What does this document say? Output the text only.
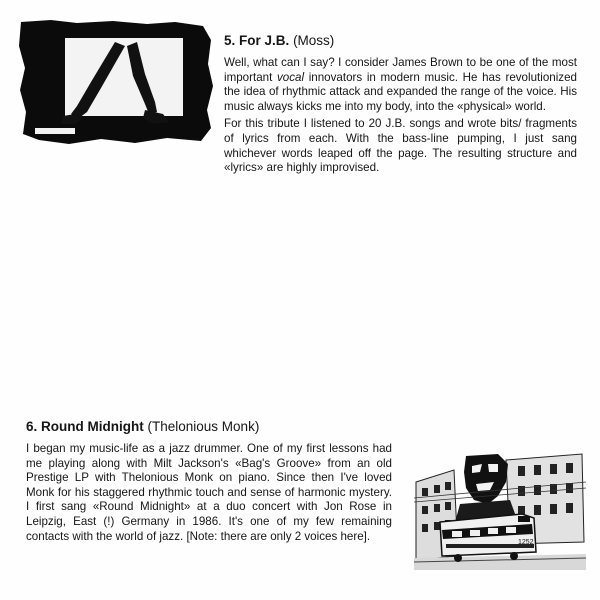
5. For J.B. (Moss)

Well, what can I say? I consider James Brown to be one of the most important vocal innovators in modern music. He has revolutionized the idea of rhythmic attack and expanded the range of the voice. His music always kicks me into my body, into the «physical» world.

For this tribute I listened to 20 J.B. songs and wrote bits/ fragments of lyrics from each. With the bass-line pumping, I just sang whichever words leaped off the page. The resulting structure and «lyrics» are highly improvised.

6. Round Midnight (Thelonious Monk)

I began my music-life as a jazz drummer. One of my first lessons had me playing along with Milt Jackson's «Bag's Groove» from an old Prestige LP with Thelonious Monk on piano. Since then I've loved Monk for his staggered rhythmic touch and sense of harmonic mystery. I first sang «Round Midnight» at a duo concert with Jon Rose in Leipzig, East (!) Germany in 1986. It's one of my few remaining contacts with the world of jazz. [Note: there are only 2 voices here].	1252
